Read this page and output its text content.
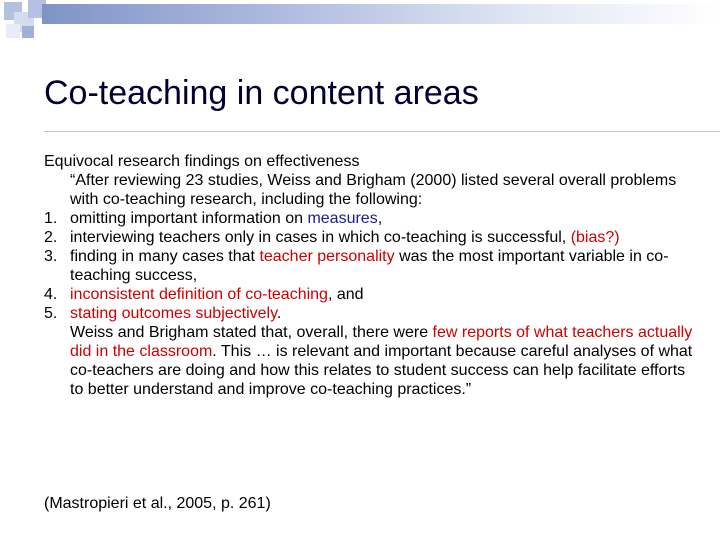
Co-teaching in content areas

Equivocal research findings on effectiveness

“After reviewing 23 studies, Weiss and Brigham (2000) listed several overall problems with co-teaching research, including the following:

1. omitting important information on measures,
2. interviewing teachers only in cases in which co-teaching is successful, (bias?)
3. finding in many cases that teacher personality was the most important variable in co-teaching success,
4. inconsistent definition of co-teaching, and
5. stating outcomes subjectively.

Weiss and Brigham stated that, overall, there were few reports of what teachers actually did in the classroom. This … is relevant and important because careful analyses of what co-teachers are doing and how this relates to student success can help facilitate efforts to better understand and improve co-teaching practices.”

(Mastropieri et al., 2005, p. 261)
